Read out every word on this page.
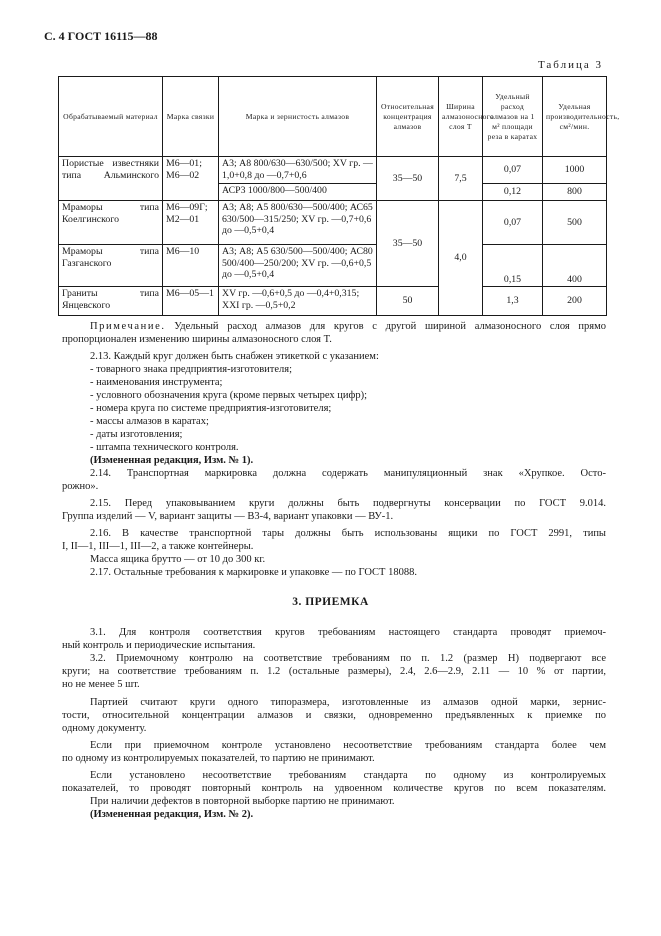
С. 4 ГОСТ 16115—88
Таблица 3
Обрабатываемый материал	Марка связки	Марка и зернистость алмазов	Относительная концентрация алмазов	Ширина алмазоносного слоя T	Удельный расход алмазов на 1 м² площади реза в каратах	Удельная производительность, см²/мин.
Пористые известняки типа Альминского	М6—01; М6—02	А3; А8 800/630—630/500; XV гр. —1,0+0,8 до —0,7+0,6	35—50	7,5	0,07	1000
		АСР3 1000/800—500/400			0,12	800
Мраморы типа Коелгинского	М6—09Г; М2—01	А3; А8; А5 800/630—500/400; АС65 630/500—315/250; XV гр. —0,7+0,6 до —0,5+0,4	35—50	4,0	0,07	500
Мраморы типа Газганского	М6—10	А3; А8; А5 630/500—500/400; АС80 500/400—250/200; XV гр. —0,6+0,5 до —0,5+0,4			0,15	400
Граниты типа Янцевского	М6—05—1	XV гр. —0,6+0,5 до —0,4+0,315; XXI гр. —0,5+0,2	50		1,3	200
Примечание. Удельный расход алмазов для кругов с другой шириной алмазоносного слоя прямо
пропорционален изменению ширины алмазоносного слоя T.
2.13. Каждый круг должен быть снабжен этикеткой с указанием:
- товарного знака предприятия-изготовителя;
- наименования инструмента;
- условного обозначения круга (кроме первых четырех цифр);
- номера круга по системе предприятия-изготовителя;
- массы алмазов в каратах;
- даты изготовления;
- штампа технического контроля.
(Измененная редакция, Изм. № 1).
2.14. Транспортная маркировка должна содержать манипуляционный знак «Хрупкое. Осто-
рожно».
2.15. Перед упаковыванием круги должны быть подвергнуты консервации по ГОСТ 9.014.
Группа изделий — V, вариант защиты — В3-4, вариант упаковки — ВУ-1.
2.16. В качестве транспортной тары должны быть использованы ящики по ГОСТ 2991, типы
I, II—1, III—1, III—2, а также контейнеры.
Масса ящика брутто — от 10 до 300 кг.
2.17. Остальные требования к маркировке и упаковке — по ГОСТ 18088.
3. ПРИЕМКА
3.1. Для контроля соответствия кругов требованиям настоящего стандарта проводят приемоч-
ный контроль и периодические испытания.
3.2. Приемочному контролю на соответствие требованиям по п. 1.2 (размер H) подвергают все
круги; на соответствие требованиям п. 1.2 (остальные размеры), 2.4, 2.6—2.9, 2.11 — 10 % от партии,
но не менее 5 шт.
Партией считают круги одного типоразмера, изготовленные из алмазов одной марки, зернис-
тости, относительной концентрации алмазов и связки, одновременно предъявленных к приемке по
одному документу.
Если при приемочном контроле установлено несоответствие требованиям стандарта более чем
по одному из контролируемых показателей, то партию не принимают.
Если установлено несоответствие требованиям стандарта по одному из контролируемых
показателей, то проводят повторный контроль на удвоенном количестве кругов по всем показателям.
При наличии дефектов в повторной выборке партию не принимают.
(Измененная редакция, Изм. № 2).
